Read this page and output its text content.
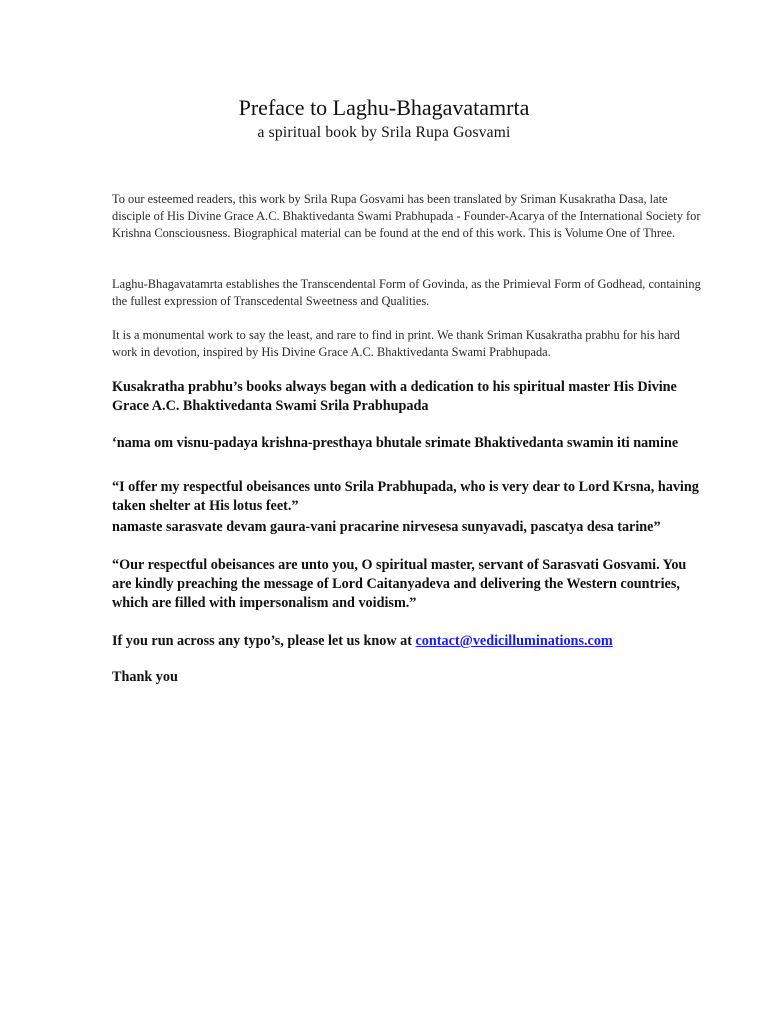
Preface to Laghu-Bhagavatamrta
a spiritual book by Srila Rupa Gosvami
To our esteemed readers, this work by Srila Rupa Gosvami has been translated by Sriman Kusakratha Dasa, late disciple of His Divine Grace A.C. Bhaktivedanta Swami Prabhupada - Founder-Acarya of the International Society for Krishna Consciousness. Biographical material can be found at the end of this work. This is Volume One of Three.
Laghu-Bhagavatamrta establishes the Transcendental Form of Govinda, as the Primieval Form of Godhead, containing the fullest expression of Transcedental Sweetness and Qualities.
It is a monumental work to say the least, and rare to find in print. We thank Sriman Kusakratha prabhu for his hard work in devotion, inspired by His Divine Grace A.C. Bhaktivedanta Swami Prabhupada.
Kusakratha prabhu’s books always began with a dedication to his spiritual master His Divine Grace A.C. Bhaktivedanta Swami Srila Prabhupada
‘nama om visnu-padaya krishna-presthaya bhutale srimate Bhaktivedanta swamin iti namine
“I offer my respectful obeisances unto Srila Prabhupada, who is very dear to Lord Krsna, having taken shelter at His lotus feet.”
namaste sarasvate devam gaura-vani pracarine nirvesesa sunyavadi, pascatya desa tarine”
“Our respectful obeisances are unto you, O spiritual master, servant of Sarasvati Gosvami. You are kindly preaching the message of Lord Caitanyadeva and delivering the Western countries, which are filled with impersonalism and voidism.”
If you run across any typo’s, please let us know at contact@vedicilluminations.com
Thank you
